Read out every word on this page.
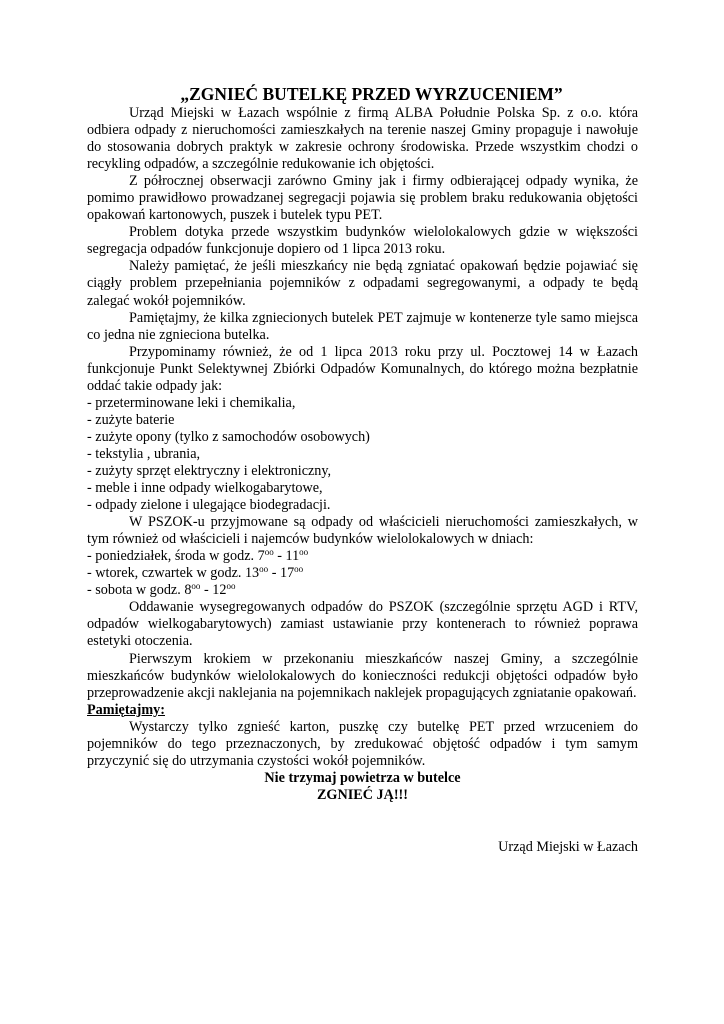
„ZGNIEĆ BUTELKĘ PRZED WYRZUCENIEM”

Urząd Miejski w Łazach wspólnie z firmą ALBA Południe Polska Sp. z o.o. która odbiera odpady z nieruchomości zamieszkałych na terenie naszej Gminy propaguje i nawołuje do stosowania dobrych praktyk w zakresie ochrony środowiska. Przede wszystkim chodzi o recykling odpadów, a szczególnie redukowanie ich objętości.

Z półrocznej obserwacji zarówno Gminy jak i firmy odbierającej odpady wynika, że pomimo prawidłowo prowadzanej segregacji pojawia się problem braku redukowania objętości opakowań kartonowych, puszek i butelek typu PET.

Problem dotyka przede wszystkim budynków wielolokalowych gdzie w większości segregacja odpadów funkcjonuje dopiero od 1 lipca 2013 roku.

Należy pamiętać, że jeśli mieszkańcy nie będą zgniatać opakowań będzie pojawiać się ciągły problem przepełniania pojemników z odpadami segregowanymi, a odpady te będą zalegać wokół pojemników.

Pamiętajmy, że kilka zgniecionych butelek PET zajmuje w kontenerze tyle samo miejsca co jedna nie zgnieciona butelka.

Przypominamy również, że od 1 lipca 2013 roku przy ul. Pocztowej 14 w Łazach funkcjonuje Punkt Selektywnej Zbiórki Odpadów Komunalnych, do którego można bezpłatnie oddać takie odpady jak:

- przeterminowane leki i chemikalia,
- zużyte baterie
- zużyte opony (tylko z samochodów osobowych)
- tekstylia , ubrania,
- zużyty sprzęt elektryczny i elektroniczny,
- meble i inne odpady wielkogabarytowe,
- odpady zielone i ulegające biodegradacji.

W PSZOK-u przyjmowane są odpady od właścicieli nieruchomości zamieszkałych, w tym również od właścicieli i najemców budynków wielolokalowych w dniach:

- poniedziałek, środa w godz. $7^{oo} - 11^{oo}$
- wtorek, czwartek w godz. $13^{oo} - 17^{oo}$
- sobota w godz. $8^{oo} - 12^{oo}$

Oddawanie wysegregowanych odpadów do PSZOK (szczególnie sprzętu AGD i RTV, odpadów wielkogabarytowych) zamiast ustawianie przy kontenerach to również poprawa estetyki otoczenia.

Pierwszym krokiem w przekonaniu mieszkańców naszej Gminy, a szczególnie mieszkańców budynków wielolokalowych do konieczności redukcji objętości odpadów było przeprowadzenie akcji naklejania na pojemnikach naklejek propagujących zgniatanie opakowań.

Pamiętajmy:

Wystarczy tylko zgnieść karton, puszkę czy butelkę PET przed wrzuceniem do pojemników do tego przeznaczonych, by zredukować objętość odpadów i tym samym przyczynić się do utrzymania czystości wokół pojemników.

Nie trzymaj powietrza w butelce
ZGNIEĆ JĄ!!!
Urząd Miejski w Łazach
